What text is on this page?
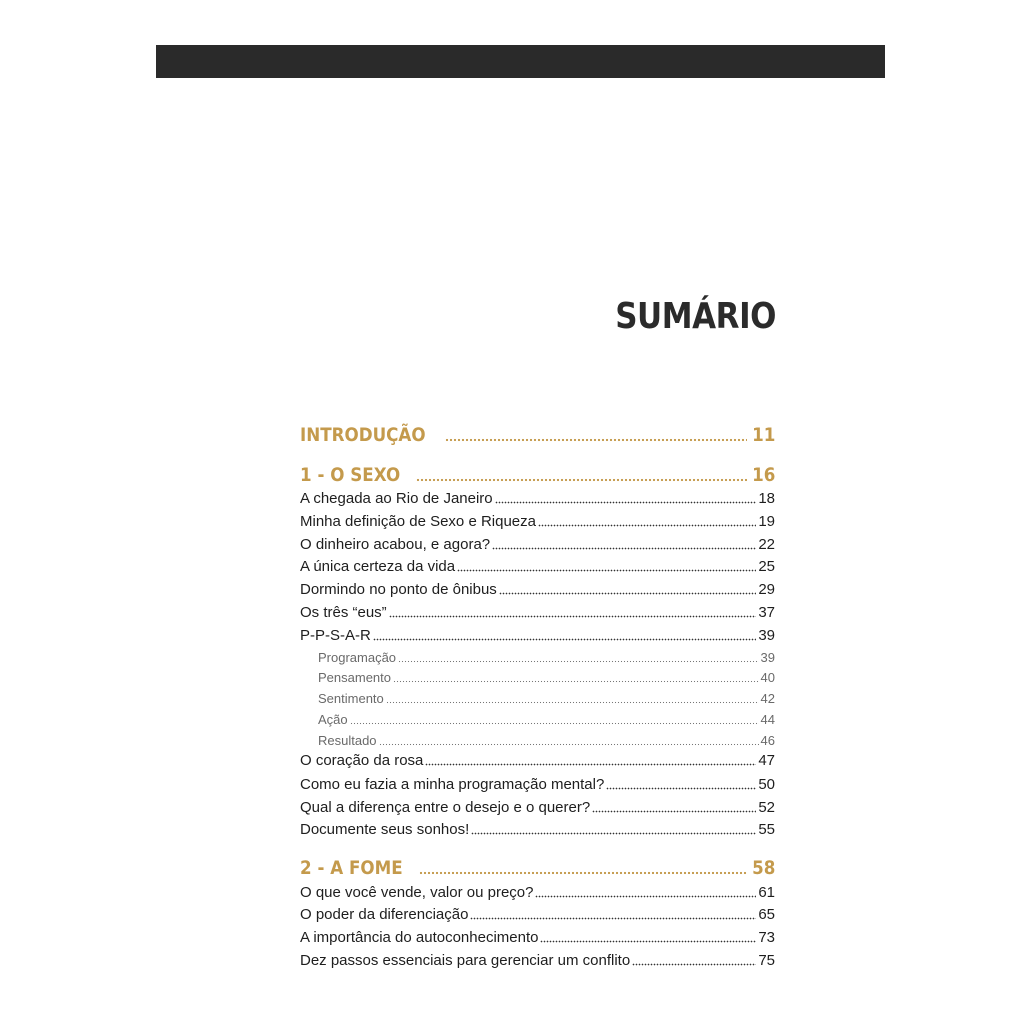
SUMÁRIO
INTRODUÇÃO	11
1 - O SEXO	16
A chegada ao Rio de Janeiro	18
Minha definição de Sexo e Riqueza	19
O dinheiro acabou, e agora?	22
A única certeza da vida	25
Dormindo no ponto de ônibus	29
Os três “eus”	37
P-P-S-A-R	39
Programação	39
Pensamento	40
Sentimento	42
Ação	44
Resultado	46
O coração da rosa	47
Como eu fazia a minha programação mental?	50
Qual a diferença entre o desejo e o querer?	52
Documente seus sonhos!	55
2 - A FOME	58
O que você vende, valor ou preço?	61
O poder da diferenciação	65
A importância do autoconhecimento	73
Dez passos essenciais para gerenciar um conflito	75
